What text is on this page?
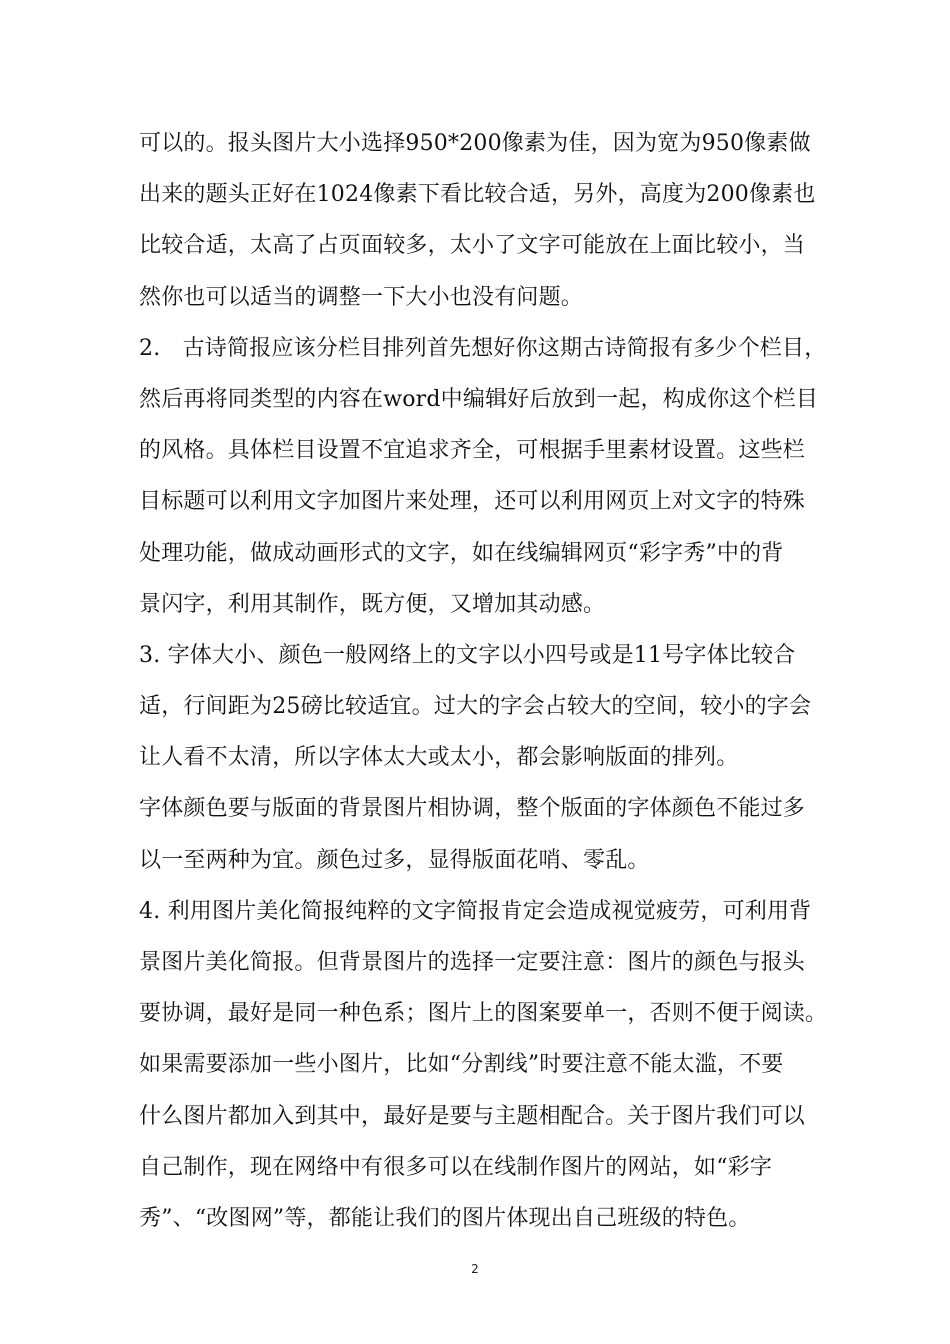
可以的。报头图片大小选择950*200像素为佳，因为宽为950像素做
出来的题头正好在1024像素下看比较合适，另外，高度为200像素也
比较合适，太高了占页面较多，太小了文字可能放在上面比较小，当
然你也可以适当的调整一下大小也没有问题。
2.　古诗简报应该分栏目排列首先想好你这期古诗简报有多少个栏目，
然后再将同类型的内容在word中编辑好后放到一起，构成你这个栏目
的风格。具体栏目设置不宜追求齐全，可根据手里素材设置。这些栏
目标题可以利用文字加图片来处理，还可以利用网页上对文字的特殊
处理功能，做成动画形式的文字，如在线编辑网页“彩字秀”中的背
景闪字，利用其制作，既方便，又增加其动感。
3. 字体大小、颜色一般网络上的文字以小四号或是11号字体比较合
适，行间距为25磅比较适宜。过大的字会占较大的空间，较小的字会
让人看不太清，所以字体太大或太小，都会影响版面的排列。
字体颜色要与版面的背景图片相协调，整个版面的字体颜色不能过多
以一至两种为宜。颜色过多，显得版面花哨、零乱。
4. 利用图片美化简报纯粹的文字简报肯定会造成视觉疲劳，可利用背
景图片美化简报。但背景图片的选择一定要注意：图片的颜色与报头
要协调，最好是同一种色系；图片上的图案要单一，否则不便于阅读。
如果需要添加一些小图片，比如“分割线”时要注意不能太滥，不要
什么图片都加入到其中，最好是要与主题相配合。关于图片我们可以
自己制作，现在网络中有很多可以在线制作图片的网站，如“彩字
秀”、“改图网”等，都能让我们的图片体现出自己班级的特色。
2
